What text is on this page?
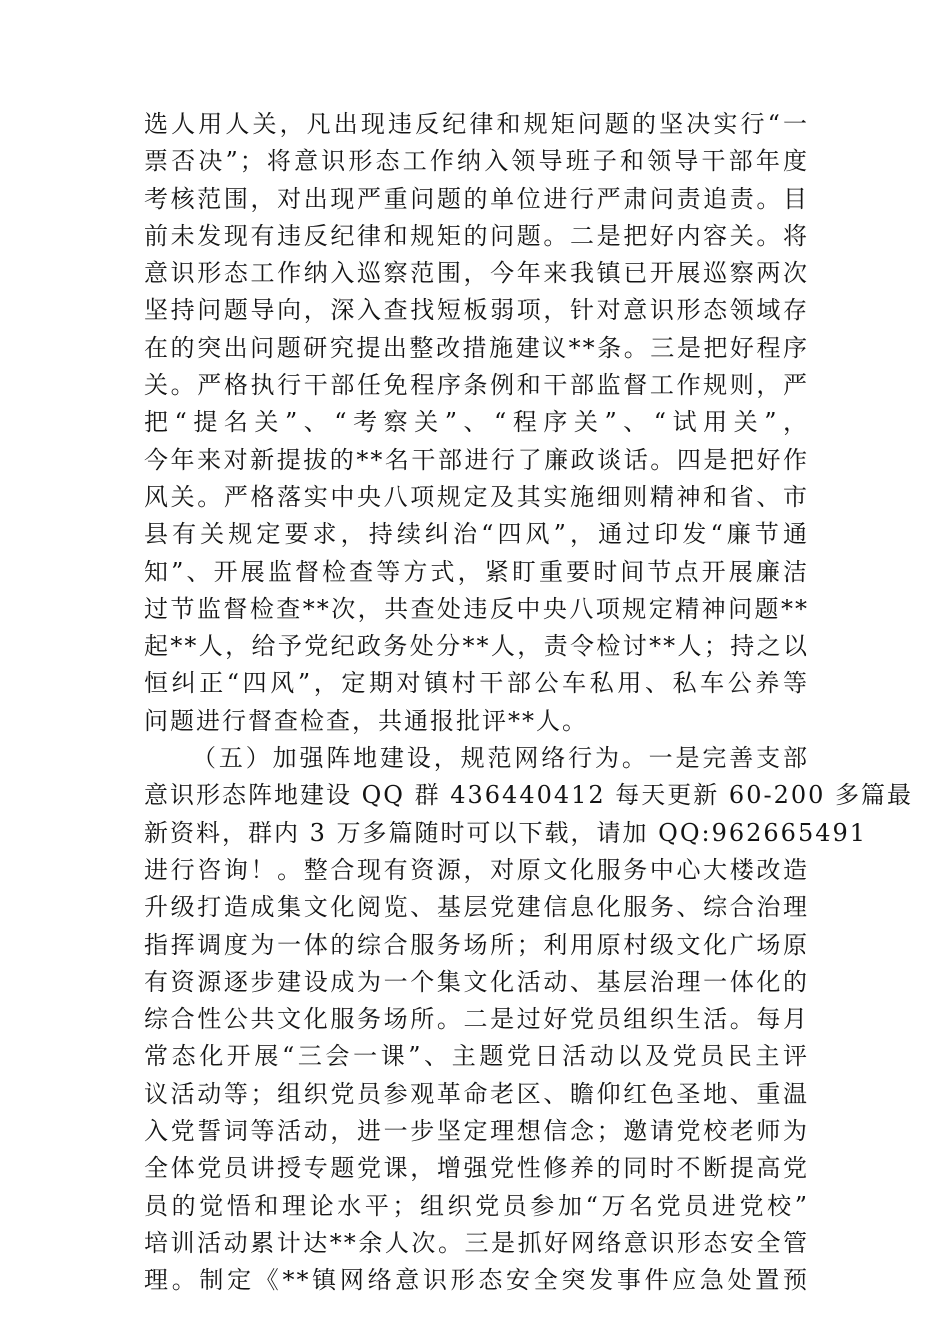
选人用人关，凡出现违反纪律和规矩问题的坚决实行“一
票否决”；将意识形态工作纳入领导班子和领导干部年度
考核范围，对出现严重问题的单位进行严肃问责追责。目
前未发现有违反纪律和规矩的问题。二是把好内容关。将
意识形态工作纳入巡察范围，今年来我镇已开展巡察两次
坚持问题导向，深入查找短板弱项，针对意识形态领域存
在的突出问题研究提出整改措施建议**条。三是把好程序
关。严格执行干部任免程序条例和干部监督工作规则，严
把“提名关”、“考察关”、“程序关”、“试用关”，
今年来对新提拔的**名干部进行了廉政谈话。四是把好作
风关。严格落实中央八项规定及其实施细则精神和省、市
县有关规定要求，持续纠治“四风”，通过印发“廉节通
知”、开展监督检查等方式，紧盯重要时间节点开展廉洁
过节监督检查**次，共查处违反中央八项规定精神问题**
起**人，给予党纪政务处分**人，责令检讨**人；持之以
恒纠正“四风”，定期对镇村干部公车私用、私车公养等
问题进行督查检查，共通报批评**人。
（五）加强阵地建设，规范网络行为。一是完善支部
意识形态阵地建设 QQ 群 436440412 每天更新 60-200 多篇最
新资料，群内 3 万多篇随时可以下载，请加 QQ:962665491
进行咨询！。整合现有资源，对原文化服务中心大楼改造
升级打造成集文化阅览、基层党建信息化服务、综合治理
指挥调度为一体的综合服务场所；利用原村级文化广场原
有资源逐步建设成为一个集文化活动、基层治理一体化的
综合性公共文化服务场所。二是过好党员组织生活。每月
常态化开展“三会一课”、主题党日活动以及党员民主评
议活动等；组织党员参观革命老区、瞻仰红色圣地、重温
入党誓词等活动，进一步坚定理想信念；邀请党校老师为
全体党员讲授专题党课，增强党性修养的同时不断提高党
员的觉悟和理论水平；组织党员参加“万名党员进党校”
培训活动累计达**余人次。三是抓好网络意识形态安全管
理。制定《**镇网络意识形态安全突发事件应急处置预
